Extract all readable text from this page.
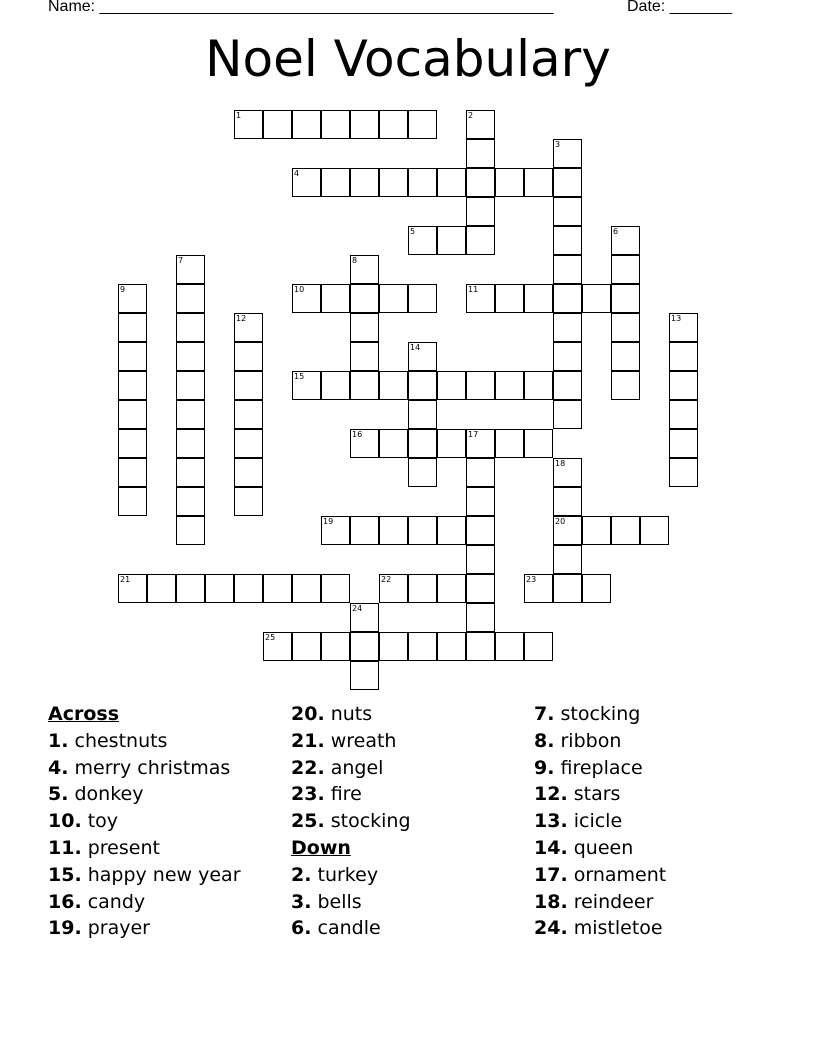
Name: ___________________________________________________	Date: _______
Noel Vocabulary
1	2
3
4
5	6
7	8
9	10	11
12	13
14
15
16	17
18
19	20
21	22	23
24
25
Across
1. chestnuts
4. merry christmas
5. donkey
10. toy
11. present
15. happy new year
16. candy
19. prayer
20. nuts
21. wreath
22. angel
23. fire
25. stocking
Down
2. turkey
3. bells
6. candle
7. stocking
8. ribbon
9. fireplace
12. stars
13. icicle
14. queen
17. ornament
18. reindeer
24. mistletoe
